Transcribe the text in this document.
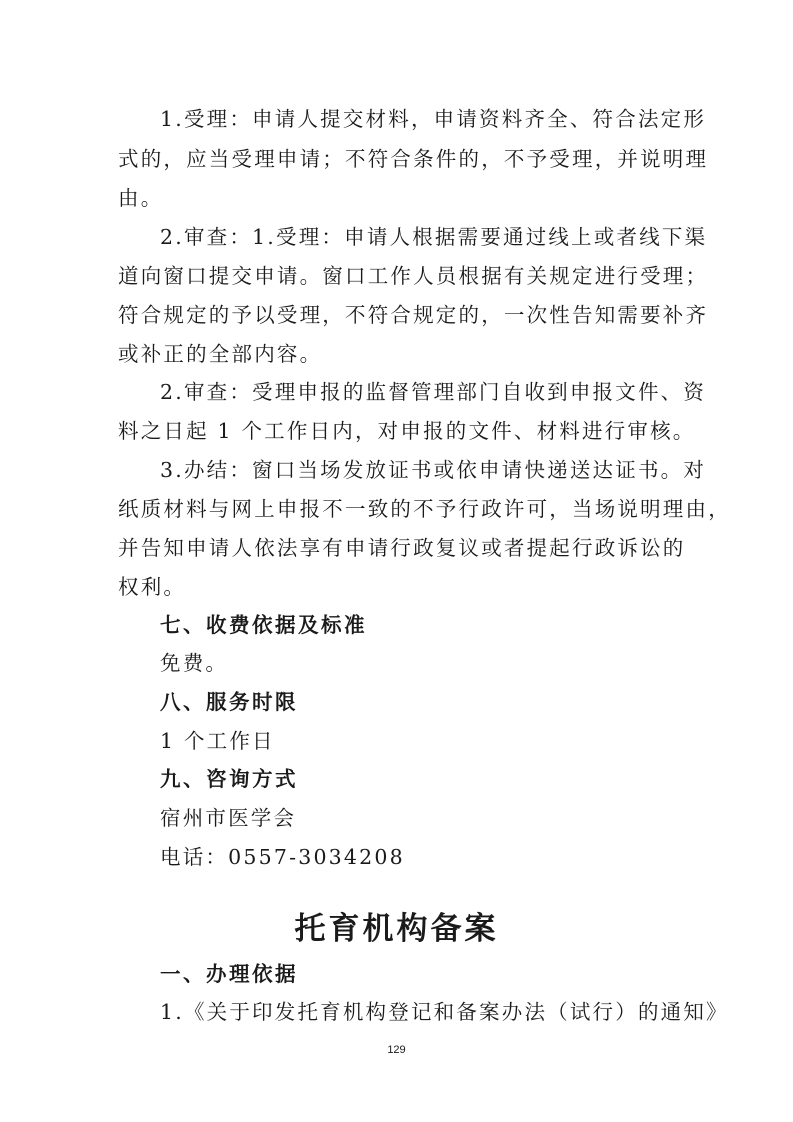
1.受理：申请人提交材料，申请资料齐全、符合法定形
式的，应当受理申请；不符合条件的，不予受理，并说明理
由。
2.审查：1.受理：申请人根据需要通过线上或者线下渠
道向窗口提交申请。窗口工作人员根据有关规定进行受理；
符合规定的予以受理，不符合规定的，一次性告知需要补齐
或补正的全部内容。
2.审查：受理申报的监督管理部门自收到申报文件、资
料之日起 1 个工作日内，对申报的文件、材料进行审核。
3.办结：窗口当场发放证书或依申请快递送达证书。对
纸质材料与网上申报不一致的不予行政许可，当场说明理由，
并告知申请人依法享有申请行政复议或者提起行政诉讼的
权利。
七、收费依据及标准
免费。
八、服务时限
1 个工作日
九、咨询方式
宿州市医学会
电话：0557-3034208
托育机构备案
一、办理依据
1.《关于印发托育机构登记和备案办法（试行）的通知》
129
